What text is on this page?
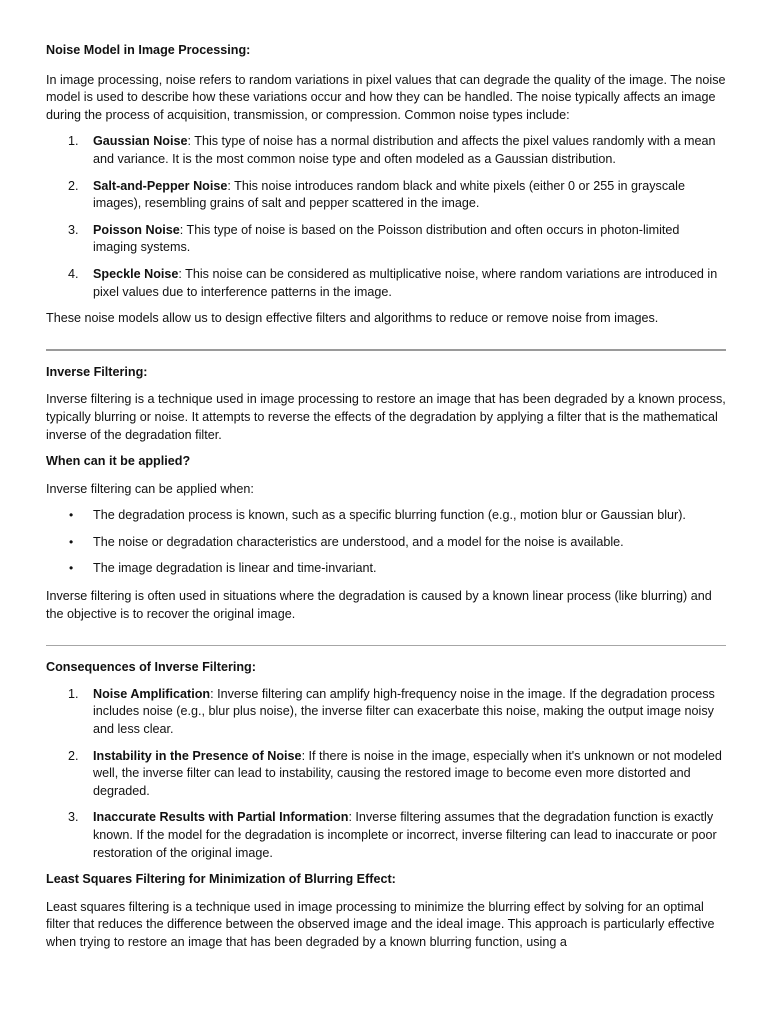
Noise Model in Image Processing:

In image processing, noise refers to random variations in pixel values that can degrade the quality of the image. The noise model is used to describe how these variations occur and how they can be handled. The noise typically affects an image during the process of acquisition, transmission, or compression. Common noise types include:

1. Gaussian Noise: This type of noise has a normal distribution and affects the pixel values randomly with a mean and variance. It is the most common noise type and often modeled as a Gaussian distribution.
2. Salt-and-Pepper Noise: This noise introduces random black and white pixels (either 0 or 255 in grayscale images), resembling grains of salt and pepper scattered in the image.
3. Poisson Noise: This type of noise is based on the Poisson distribution and often occurs in photon-limited imaging systems.
4. Speckle Noise: This noise can be considered as multiplicative noise, where random variations are introduced in pixel values due to interference patterns in the image.

These noise models allow us to design effective filters and algorithms to reduce or remove noise from images.

Inverse Filtering:

Inverse filtering is a technique used in image processing to restore an image that has been degraded by a known process, typically blurring or noise. It attempts to reverse the effects of the degradation by applying a filter that is the mathematical inverse of the degradation filter.

When can it be applied?

Inverse filtering can be applied when:

• The degradation process is known, such as a specific blurring function (e.g., motion blur or Gaussian blur).
• The noise or degradation characteristics are understood, and a model for the noise is available.
• The image degradation is linear and time-invariant.

Inverse filtering is often used in situations where the degradation is caused by a known linear process (like blurring) and the objective is to recover the original image.

Consequences of Inverse Filtering:

1. Noise Amplification: Inverse filtering can amplify high-frequency noise in the image. If the degradation process includes noise (e.g., blur plus noise), the inverse filter can exacerbate this noise, making the output image noisy and less clear.
2. Instability in the Presence of Noise: If there is noise in the image, especially when it's unknown or not modeled well, the inverse filter can lead to instability, causing the restored image to become even more distorted and degraded.
3. Inaccurate Results with Partial Information: Inverse filtering assumes that the degradation function is exactly known. If the model for the degradation is incomplete or incorrect, inverse filtering can lead to inaccurate or poor restoration of the original image.

Least Squares Filtering for Minimization of Blurring Effect:

Least squares filtering is a technique used in image processing to minimize the blurring effect by solving for an optimal filter that reduces the difference between the observed image and the ideal image. This approach is particularly effective when trying to restore an image that has been degraded by a known blurring function, using a
